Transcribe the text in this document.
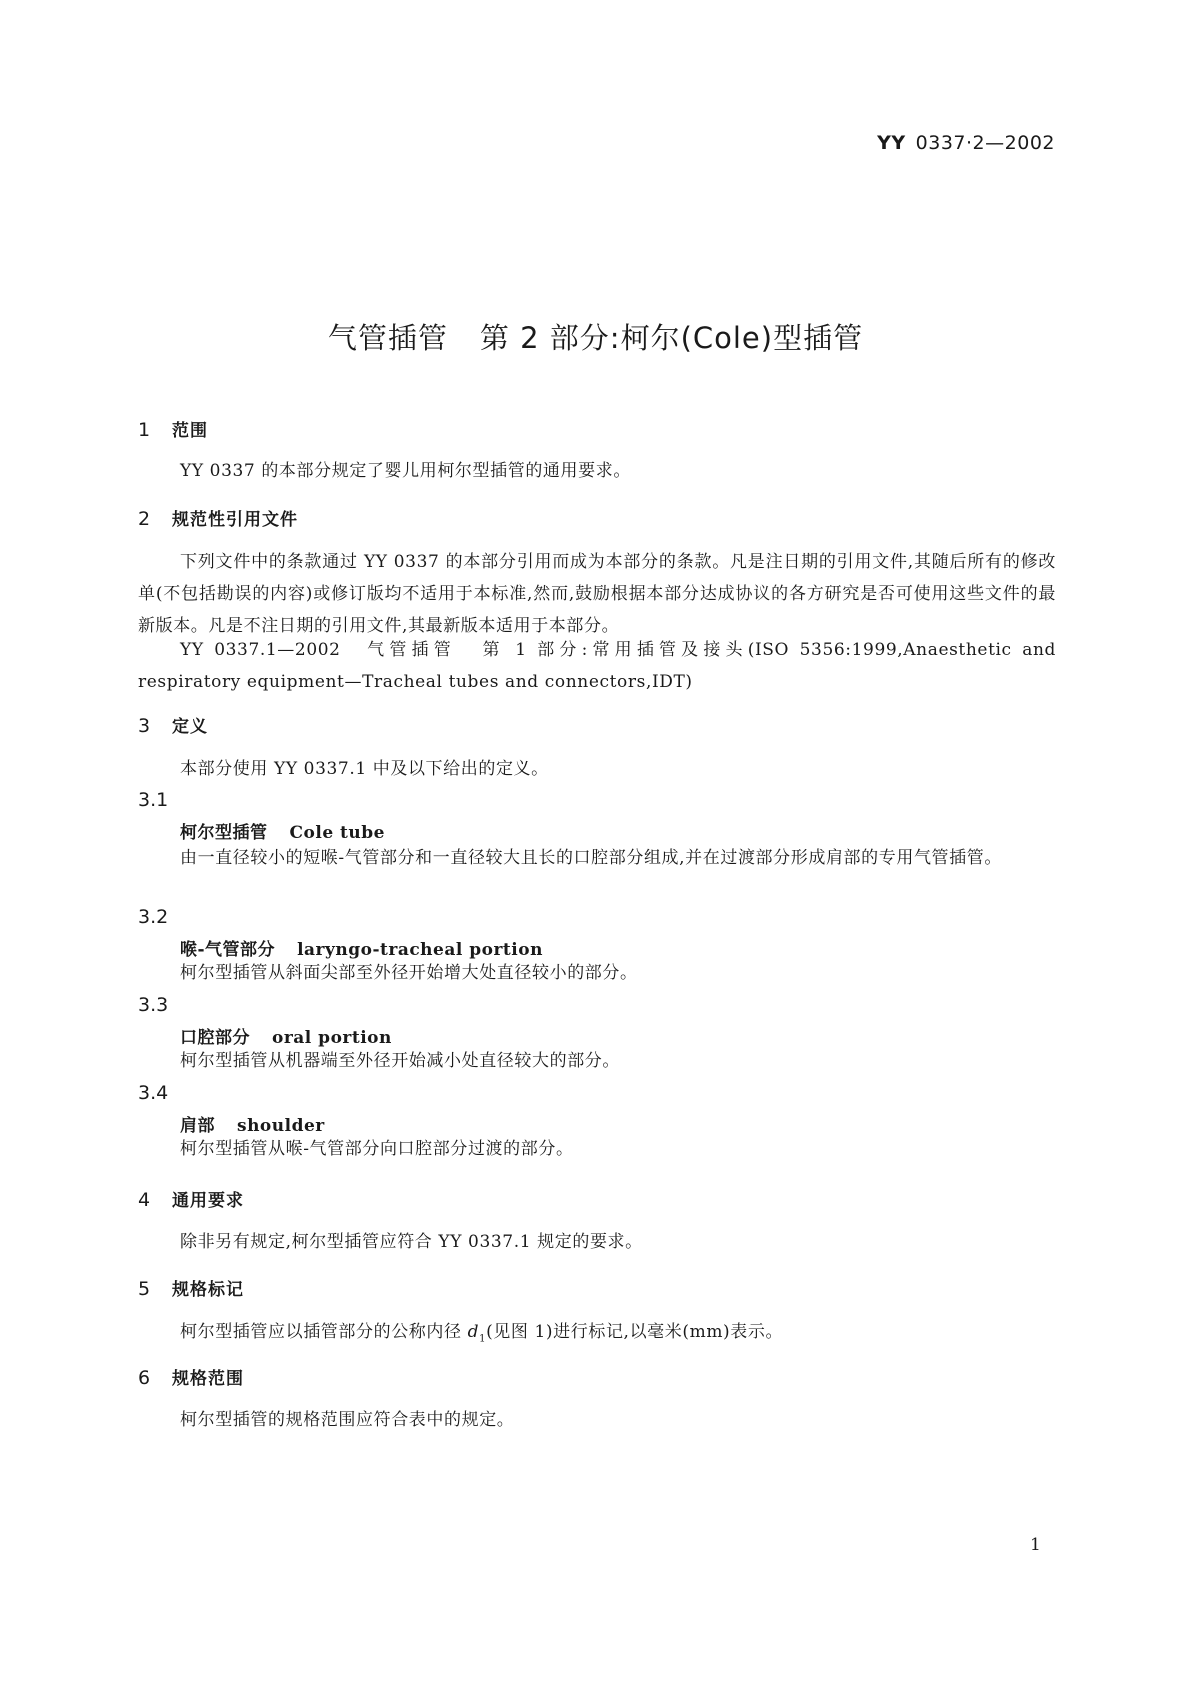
YY 0337·2—2002
气管插管 第 2 部分:柯尔(Cole)型插管
1 范围
YY 0337 的本部分规定了婴儿用柯尔型插管的通用要求。
2 规范性引用文件
下列文件中的条款通过 YY 0337 的本部分引用而成为本部分的条款。凡是注日期的引用文件,其随后所有的修改单(不包括勘误的内容)或修订版均不适用于本标准,然而,鼓励根据本部分达成协议的各方研究是否可使用这些文件的最新版本。凡是不注日期的引用文件,其最新版本适用于本部分。
YY 0337.1—2002 气管插管 第 1 部分:常用插管及接头(ISO 5356:1999,Anaesthetic and respiratory equipment—Tracheal tubes and connectors,IDT)
3 定义
本部分使用 YY 0337.1 中及以下给出的定义。
3.1
柯尔型插管 Cole tube
由一直径较小的短喉-气管部分和一直径较大且长的口腔部分组成,并在过渡部分形成肩部的专用气管插管。
3.2
喉-气管部分 laryngo-tracheal portion
柯尔型插管从斜面尖部至外径开始增大处直径较小的部分。
3.3
口腔部分 oral portion
柯尔型插管从机器端至外径开始减小处直径较大的部分。
3.4
肩部 shoulder
柯尔型插管从喉-气管部分向口腔部分过渡的部分。
4 通用要求
除非另有规定,柯尔型插管应符合 YY 0337.1 规定的要求。
5 规格标记
柯尔型插管应以插管部分的公称内径 $d_1$(见图 1)进行标记,以毫米(mm)表示。
6 规格范围
柯尔型插管的规格范围应符合表中的规定。
1
